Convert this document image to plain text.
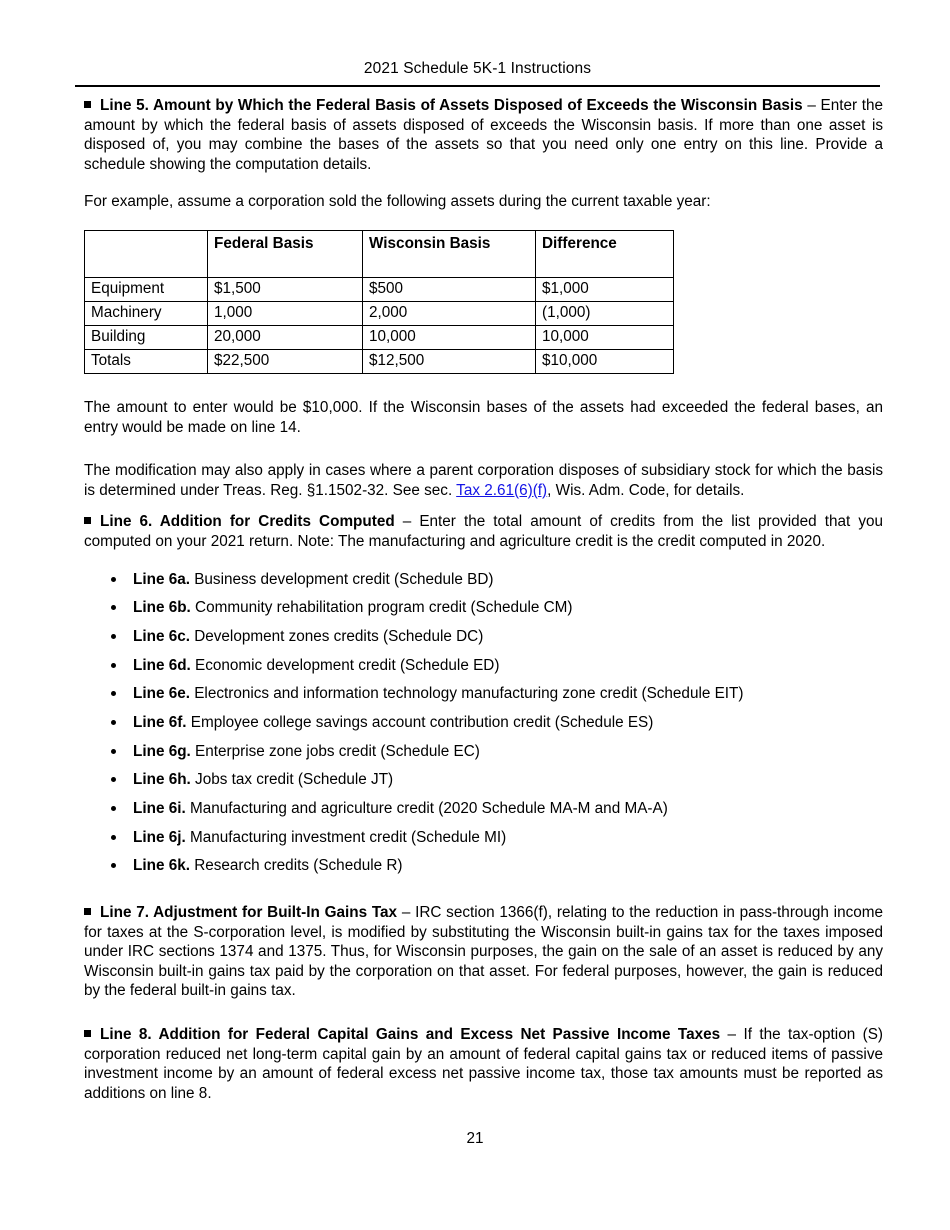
2021 Schedule 5K-1 Instructions

Line 5. Amount by Which the Federal Basis of Assets Disposed of Exceeds the Wisconsin Basis – Enter the amount by which the federal basis of assets disposed of exceeds the Wisconsin basis. If more than one asset is disposed of, you may combine the bases of the assets so that you need only one entry on this line. Provide a schedule showing the computation details.

For example, assume a corporation sold the following assets during the current taxable year:

	Federal Basis	Wisconsin Basis	Difference
Equipment	$1,500	$500	$1,000
Machinery	1,000	2,000	(1,000)
Building	20,000	10,000	10,000
Totals	$22,500	$12,500	$10,000

The amount to enter would be $10,000. If the Wisconsin bases of the assets had exceeded the federal bases, an entry would be made on line 14.

The modification may also apply in cases where a parent corporation disposes of subsidiary stock for which the basis is determined under Treas. Reg. §1.1502-32. See sec. Tax 2.61(6)(f), Wis. Adm. Code, for details.

Line 6. Addition for Credits Computed – Enter the total amount of credits from the list provided that you computed on your 2021 return. Note: The manufacturing and agriculture credit is the credit computed in 2020.

Line 6a. Business development credit (Schedule BD)
Line 6b. Community rehabilitation program credit (Schedule CM)
Line 6c. Development zones credits (Schedule DC)
Line 6d. Economic development credit (Schedule ED)
Line 6e. Electronics and information technology manufacturing zone credit (Schedule EIT)
Line 6f. Employee college savings account contribution credit (Schedule ES)
Line 6g. Enterprise zone jobs credit (Schedule EC)
Line 6h. Jobs tax credit (Schedule JT)
Line 6i. Manufacturing and agriculture credit (2020 Schedule MA-M and MA-A)
Line 6j. Manufacturing investment credit (Schedule MI)
Line 6k. Research credits (Schedule R)

Line 7. Adjustment for Built-In Gains Tax – IRC section 1366(f), relating to the reduction in pass-through income for taxes at the S-corporation level, is modified by substituting the Wisconsin built-in gains tax for the taxes imposed under IRC sections 1374 and 1375. Thus, for Wisconsin purposes, the gain on the sale of an asset is reduced by any Wisconsin built-in gains tax paid by the corporation on that asset. For federal purposes, however, the gain is reduced by the federal built-in gains tax.

Line 8. Addition for Federal Capital Gains and Excess Net Passive Income Taxes – If the tax-option (S) corporation reduced net long-term capital gain by an amount of federal capital gains tax or reduced items of passive investment income by an amount of federal excess net passive income tax, those tax amounts must be reported as additions on line 8.

21
